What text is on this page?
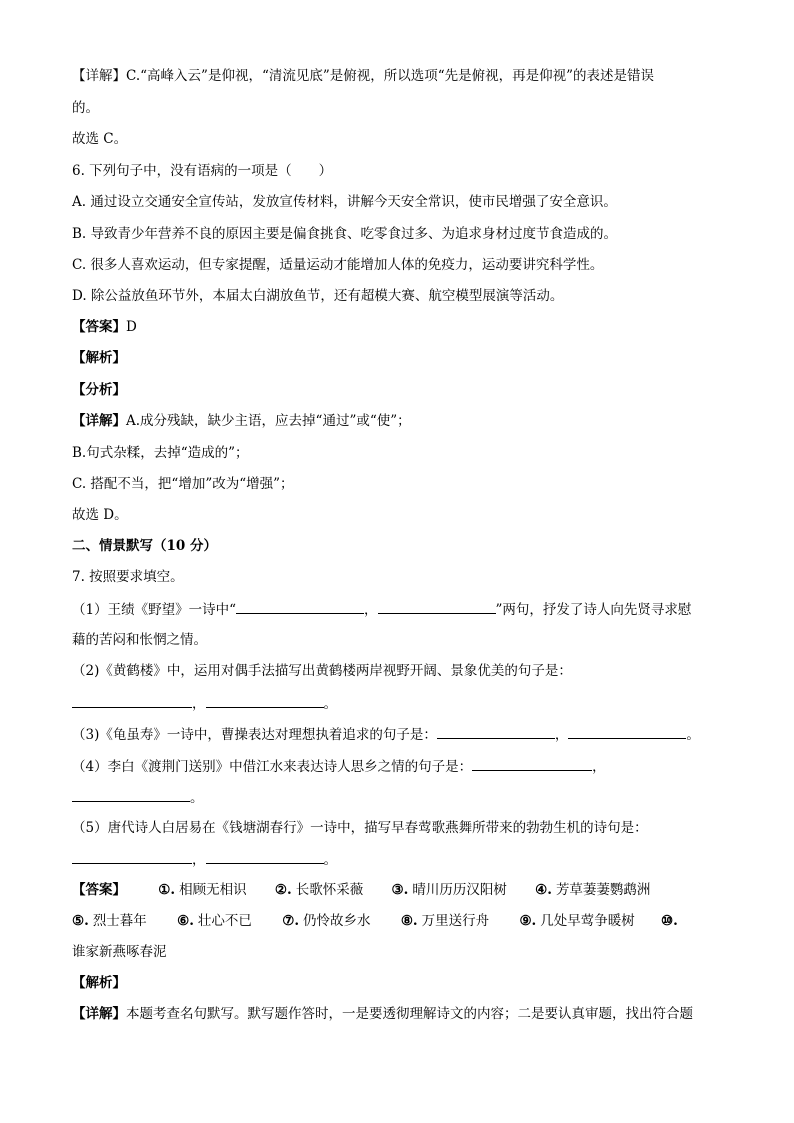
【详解】C.“高峰入云”是仰视，“清流见底”是俯视，所以选项“先是俯视，再是仰视”的表述是错误
的。
故选 C。
6. 下列句子中，没有语病的一项是（　　）
A. 通过设立交通安全宣传站，发放宣传材料，讲解今天安全常识，使市民增强了安全意识。
B. 导致青少年营养不良的原因主要是偏食挑食、吃零食过多、为追求身材过度节食造成的。
C. 很多人喜欢运动，但专家提醒，适量运动才能增加人体的免疫力，运动要讲究科学性。
D. 除公益放鱼环节外，本届太白湖放鱼节，还有超模大赛、航空模型展演等活动。
【答案】D
【解析】
【分析】
【详解】A.成分残缺，缺少主语，应去掉“通过”或“使”；
B.句式杂糅，去掉“造成的”；
C. 搭配不当，把“增加”改为“增强”；
故选 D。
二、情景默写（10 分）
7. 按照要求填空。
（1）王绩《野望》一诗中“	，	”两句，抒发了诗人向先贤寻求慰
藉的苦闷和怅惘之情。
（2)《黄鹤楼》中，运用对偶手法描写出黄鹤楼两岸视野开阔、景象优美的句子是：
，	。
（3)《龟虽寿》一诗中，曹操表达对理想执着追求的句子是：	，	。
（4）李白《渡荆门送别》中借江水来表达诗人思乡之情的句子是：	，
。
（5）唐代诗人白居易在《钱塘湖春行》一诗中，描写早春莺歌燕舞所带来的勃勃生机的诗句是：
，	。
【答案】 ①. 相顾无相识 ②. 长歌怀采薇 ③. 晴川历历汉阳树 ④. 芳草萋萋鹦鹉洲
⑤. 烈士暮年 ⑥. 壮心不已 ⑦. 仍怜故乡水 ⑧. 万里送行舟 ⑨. 几处早莺争暖树 ⑩.
谁家新燕啄春泥
【解析】
【详解】本题考查名句默写。默写题作答时，一是要透彻理解诗文的内容；二是要认真审题，找出符合题
